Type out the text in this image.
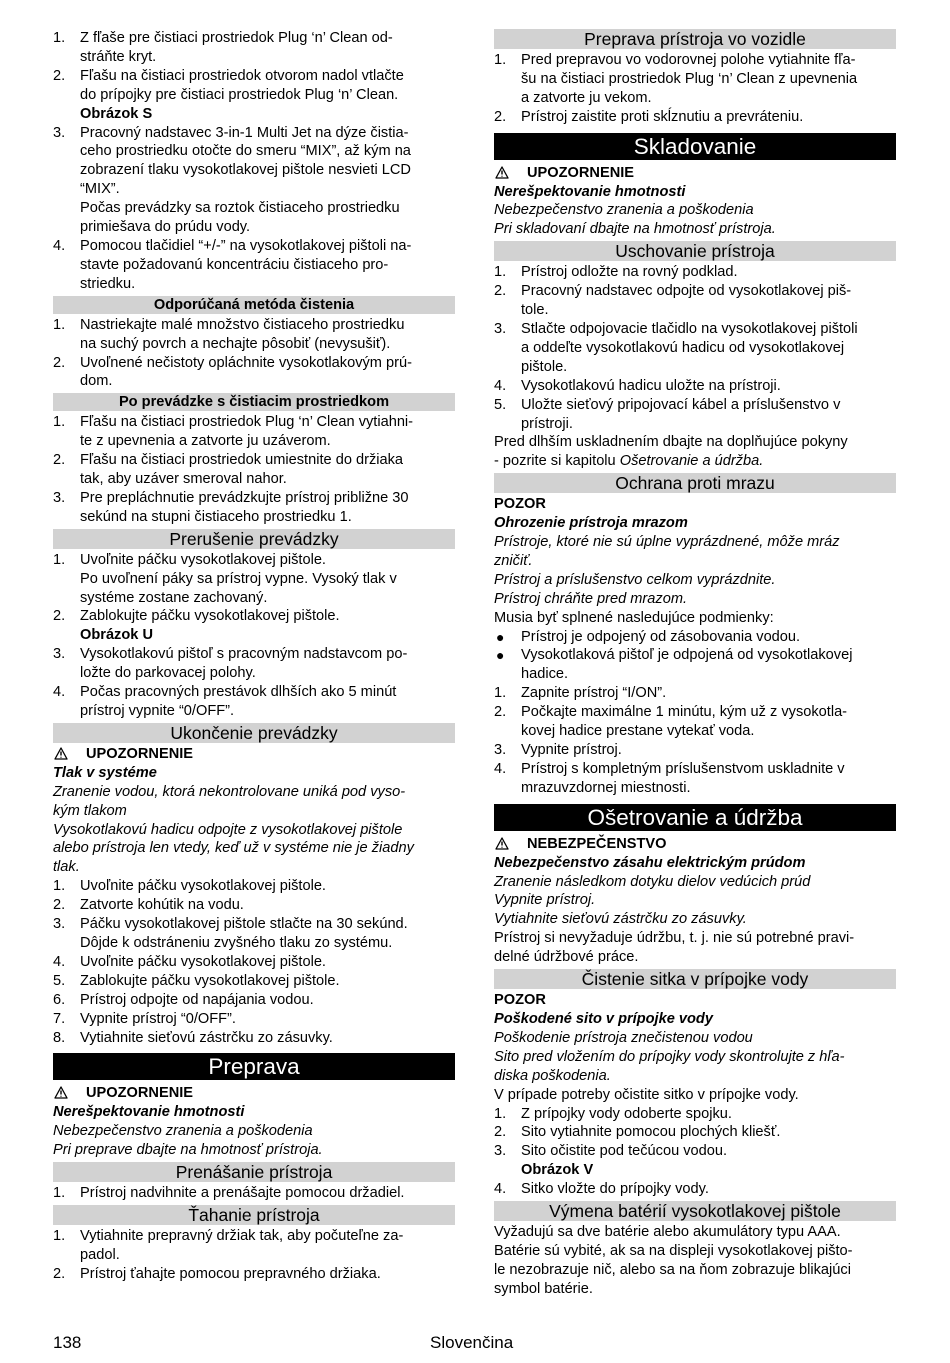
1. Z fľaše pre čistiaci prostriedok Plug ‘n’ Clean od-
stráňte kryt.
2. Fľašu na čistiaci prostriedok otvorom nadol vtlačte
do prípojky pre čistiaci prostriedok Plug ‘n’ Clean.
Obrázok S
3. Pracovný nadstavec 3-in-1 Multi Jet na dýze čistia-
ceho prostriedku otočte do smeru “MIX”, až kým na
zobrazení tlaku vysokotlakovej pištole nesvieti LCD
“MIX”.
Počas prevádzky sa roztok čistiaceho prostriedku
primiešava do prúdu vody.
4. Pomocou tlačidiel “+/-” na vysokotlakovej pištoli na-
stavte požadovanú koncentráciu čistiaceho pro-
striedku.
Odporúčaná metóda čistenia
1. Nastriekajte malé množstvo čistiaceho prostriedku
na suchý povrch a nechajte pôsobiť (nevysušiť).
2. Uvoľnené nečistoty opláchnite vysokotlakovým prú-
dom.
Po prevádzke s čistiacim prostriedkom
1. Fľašu na čistiaci prostriedok Plug ‘n’ Clean vytiahni-
te z upevnenia a zatvorte ju uzáverom.
2. Fľašu na čistiaci prostriedok umiestnite do držiaka
tak, aby uzáver smeroval nahor.
3. Pre prepláchnutie prevádzkujte prístroj približne 30
sekúnd na stupni čistiaceho prostriedku 1.
Prerušenie prevádzky
1. Uvoľnite páčku vysokotlakovej pištole.
Po uvoľnení páky sa prístroj vypne. Vysoký tlak v
systéme zostane zachovaný.
2. Zablokujte páčku vysokotlakovej pištole.
Obrázok U
3. Vysokotlakovú pištoľ s pracovným nadstavcom po-
ložte do parkovacej polohy.
4. Počas pracovných prestávok dlhších ako 5 minút
prístroj vypnite “0/OFF”.
Ukončenie prevádzky
UPOZORNENIE
Tlak v systéme
Zranenie vodou, ktorá nekontrolovane uniká pod vyso-
kým tlakom
Vysokotlakovú hadicu odpojte z vysokotlakovej pištole
alebo prístroja len vtedy, keď už v systéme nie je žiadny
tlak.
1. Uvoľnite páčku vysokotlakovej pištole.
2. Zatvorte kohútik na vodu.
3. Páčku vysokotlakovej pištole stlačte na 30 sekúnd.
Dôjde k odstráneniu zvyšného tlaku zo systému.
4. Uvoľnite páčku vysokotlakovej pištole.
5. Zablokujte páčku vysokotlakovej pištole.
6. Prístroj odpojte od napájania vodou.
7. Vypnite prístroj “0/OFF”.
8. Vytiahnite sieťovú zástrčku zo zásuvky.
Preprava
UPOZORNENIE
Nerešpektovanie hmotnosti
Nebezpečenstvo zranenia a poškodenia
Pri preprave dbajte na hmotnosť prístroja.
Prenášanie prístroja
1. Prístroj nadvihnite a prenášajte pomocou držadiel.
Ťahanie prístroja
1. Vytiahnite prepravný držiak tak, aby počuteľne za-
padol.
2. Prístroj ťahajte pomocou prepravného držiaka.
Preprava prístroja vo vozidle
1. Pred prepravou vo vodorovnej polohe vytiahnite fľa-
šu na čistiaci prostriedok Plug ‘n’ Clean z upevnenia
a zatvorte ju vekom.
2. Prístroj zaistite proti skĺznutiu a prevráteniu.
Skladovanie
UPOZORNENIE
Nerešpektovanie hmotnosti
Nebezpečenstvo zranenia a poškodenia
Pri skladovaní dbajte na hmotnosť prístroja.
Uschovanie prístroja
1. Prístroj odložte na rovný podklad.
2. Pracovný nadstavec odpojte od vysokotlakovej piš-
tole.
3. Stlačte odpojovacie tlačidlo na vysokotlakovej pištoli
a oddeľte vysokotlakovú hadicu od vysokotlakovej
pištole.
4. Vysokotlakovú hadicu uložte na prístroji.
5. Uložte sieťový pripojovací kábel a príslušenstvo v
prístroji.
Pred dlhším uskladnením dbajte na doplňujúce pokyny
- pozrite si kapitolu Ošetrovanie a údržba.
Ochrana proti mrazu
POZOR
Ohrozenie prístroja mrazom
Prístroje, ktoré nie sú úplne vyprázdnené, môže mráz
zničiť.
Prístroj a príslušenstvo celkom vyprázdnite.
Prístroj chráňte pred mrazom.
Musia byť splnené nasledujúce podmienky:
● Prístroj je odpojený od zásobovania vodou.
● Vysokotlaková pištoľ je odpojená od vysokotlakovej
hadice.
1. Zapnite prístroj “I/ON”.
2. Počkajte maximálne 1 minútu, kým už z vysokotla-
kovej hadice prestane vytekať voda.
3. Vypnite prístroj.
4. Prístroj s kompletným príslušenstvom uskladnite v
mrazuvzdornej miestnosti.
Ošetrovanie a údržba
NEBEZPEČENSTVO
Nebezpečenstvo zásahu elektrickým prúdom
Zranenie následkom dotyku dielov vedúcich prúd
Vypnite prístroj.
Vytiahnite sieťovú zástrčku zo zásuvky.
Prístroj si nevyžaduje údržbu, t. j. nie sú potrebné pravi-
delné údržbové práce.
Čistenie sitka v prípojke vody
POZOR
Poškodené sito v prípojke vody
Poškodenie prístroja znečistenou vodou
Sito pred vložením do prípojky vody skontrolujte z hľa-
diska poškodenia.
V prípade potreby očistite sitko v prípojke vody.
1. Z prípojky vody odoberte spojku.
2. Sito vytiahnite pomocou plochých kliešť.
3. Sito očistite pod tečúcou vodou.
Obrázok V
4. Sitko vložte do prípojky vody.
Výmena batérií vysokotlakovej pištole
Vyžadujú sa dve batérie alebo akumulátory typu AAA.
Batérie sú vybité, ak sa na displeji vysokotlakovej pišto-
le nezobrazuje nič, alebo sa na ňom zobrazuje blikajúci
symbol batérie.
138	Slovenčina
